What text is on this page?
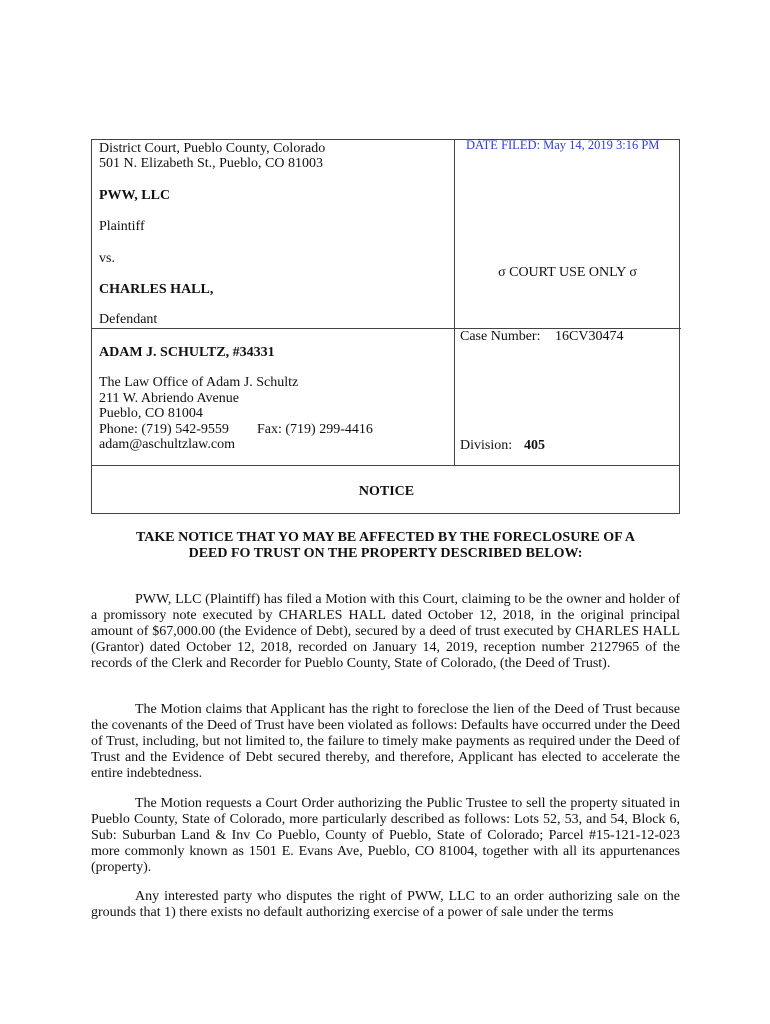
District Court, Pueblo County, Colorado
501 N. Elizabeth St., Pueblo, CO 81003
PWW, LLC
Plaintiff
vs.
CHARLES HALL,
Defendant
ADAM J. SCHULTZ, #34331
The Law Office of Adam J. Schultz
211 W. Abriendo Avenue
Pueblo, CO 81004
Phone: (719) 542-9559 Fax: (719) 299-4416
adam@aschultzlaw.com
DATE FILED: May 14, 2019 3:16 PM
σ COURT USE ONLY σ
Case Number: 16CV30474
Division: 405
NOTICE
TAKE NOTICE THAT YO MAY BE AFFECTED BY THE FORECLOSURE OF A
DEED FO TRUST ON THE PROPERTY DESCRIBED BELOW:

PWW, LLC (Plaintiff) has filed a Motion with this Court, claiming to be the owner and holder of a promissory note executed by CHARLES HALL dated October 12, 2018, in the original principal amount of $67,000.00 (the Evidence of Debt), secured by a deed of trust executed by CHARLES HALL (Grantor) dated October 12, 2018, recorded on January 14, 2019, reception number 2127965 of the records of the Clerk and Recorder for Pueblo County, State of Colorado, (the Deed of Trust).

The Motion claims that Applicant has the right to foreclose the lien of the Deed of Trust because the covenants of the Deed of Trust have been violated as follows: Defaults have occurred under the Deed of Trust, including, but not limited to, the failure to timely make payments as required under the Deed of Trust and the Evidence of Debt secured thereby, and therefore, Applicant has elected to accelerate the entire indebtedness.

The Motion requests a Court Order authorizing the Public Trustee to sell the property situated in Pueblo County, State of Colorado, more particularly described as follows: Lots 52, 53, and 54, Block 6, Sub: Suburban Land & Inv Co Pueblo, County of Pueblo, State of Colorado; Parcel #15-121-12-023 more commonly known as 1501 E. Evans Ave, Pueblo, CO 81004, together with all its appurtenances (property).

Any interested party who disputes the right of PWW, LLC to an order authorizing sale on the grounds that 1) there exists no default authorizing exercise of a power of sale under the terms
